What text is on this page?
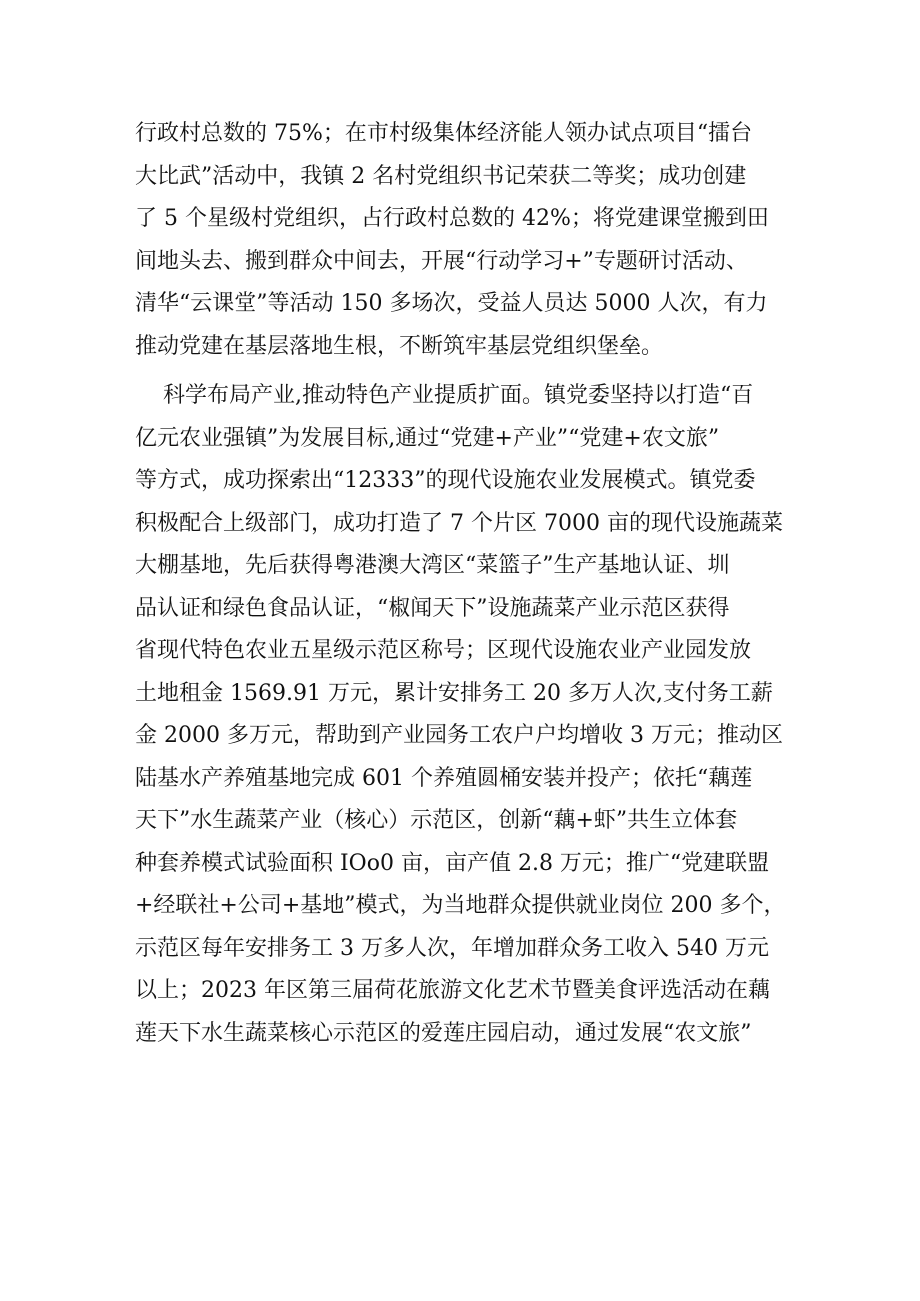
行政村总数的 75%；在市村级集体经济能人领办试点项目“擂台
大比武”活动中，我镇 2 名村党组织书记荣获二等奖；成功创建
了 5 个星级村党组织，占行政村总数的 42%；将党建课堂搬到田
间地头去、搬到群众中间去，开展“行动学习+”专题研讨活动、
清华“云课堂”等活动 150 多场次，受益人员达 5000 人次，有力
推动党建在基层落地生根，不断筑牢基层党组织堡垒。
科学布局产业,推动特色产业提质扩面。镇党委坚持以打造“百
亿元农业强镇”为发展目标,通过“党建+产业”“党建+农文旅”
等方式，成功探索出“12333”的现代设施农业发展模式。镇党委
积极配合上级部门，成功打造了 7 个片区 7000 亩的现代设施蔬菜
大棚基地，先后获得粤港澳大湾区“菜篮子”生产基地认证、圳
品认证和绿色食品认证，“椒闻天下”设施蔬菜产业示范区获得
省现代特色农业五星级示范区称号；区现代设施农业产业园发放
土地租金 1569.91 万元，累计安排务工 20 多万人次,支付务工薪
金 2000 多万元，帮助到产业园务工农户户均增收 3 万元；推动区
陆基水产养殖基地完成 601 个养殖圆桶安装并投产；依托“藕莲
天下”水生蔬菜产业（核心）示范区，创新“藕+虾”共生立体套
种套养模式试验面积 IOo0 亩，亩产值 2.8 万元；推广“党建联盟
+经联社+公司+基地”模式，为当地群众提供就业岗位 200 多个，
示范区每年安排务工 3 万多人次，年增加群众务工收入 540 万元
以上；2023 年区第三届荷花旅游文化艺术节暨美食评选活动在藕
莲天下水生蔬菜核心示范区的爱莲庄园启动，通过发展“农文旅”
